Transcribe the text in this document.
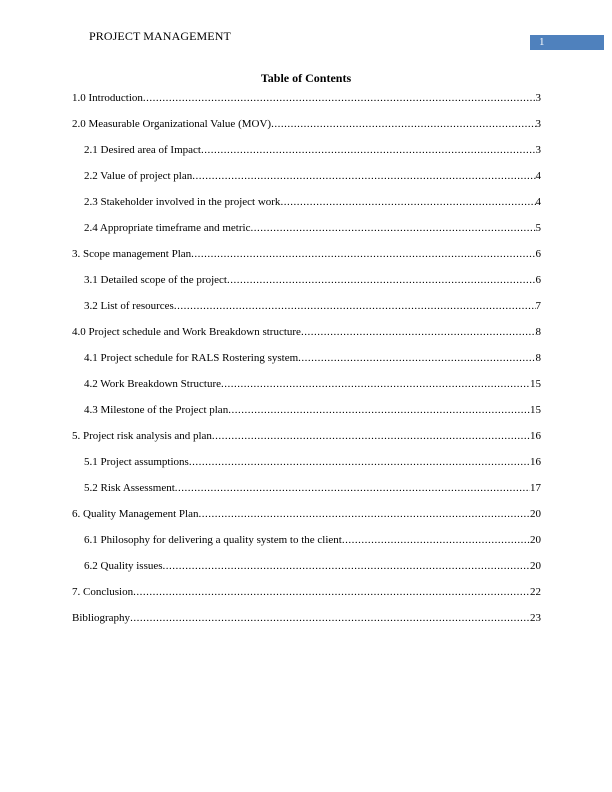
PROJECT MANAGEMENT	1
Table of Contents
1.0 Introduction .....	3
2.0 Measurable Organizational Value (MOV) .....	3
2.1 Desired area of Impact .....	3
2.2 Value of project plan .....	4
2.3 Stakeholder involved in the project work .....	4
2.4 Appropriate timeframe and metric .....	5
3. Scope management Plan .....	6
3.1 Detailed scope of the project .....	6
3.2 List of resources .....	7
4.0 Project schedule and Work Breakdown structure .....	8
4.1 Project schedule for RALS Rostering system .....	8
4.2 Work Breakdown Structure .....	15
4.3 Milestone of the Project plan .....	15
5. Project risk analysis and plan .....	16
5.1 Project assumptions .....	16
5.2 Risk Assessment .....	17
6. Quality Management Plan .....	20
6.1 Philosophy for delivering a quality system to the client .....	20
6.2 Quality issues .....	20
7. Conclusion .....	22
Bibliography .....	23
